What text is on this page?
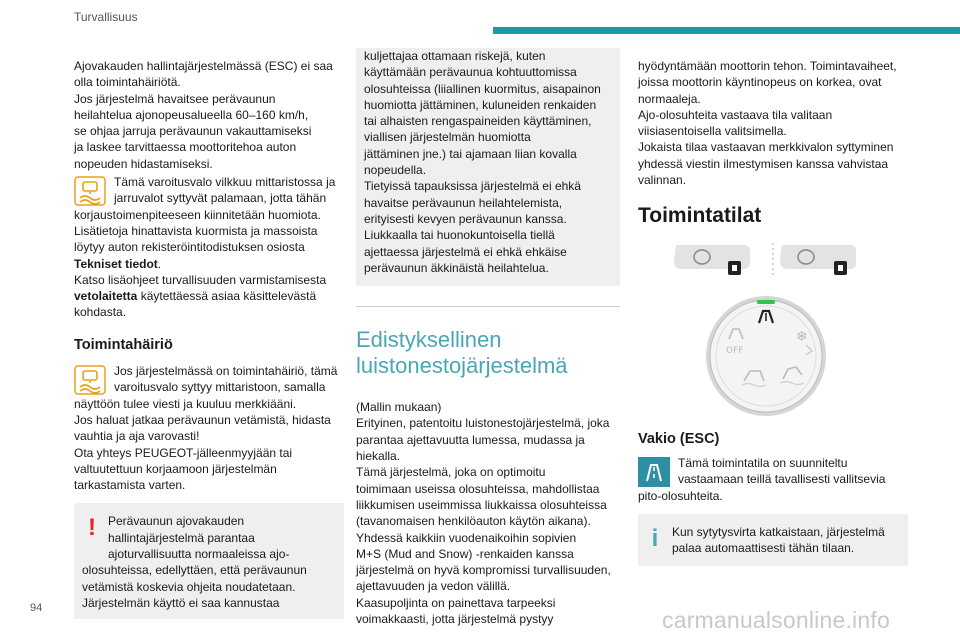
Turvallisuus
Ajovakauden hallintajärjestelmässä (ESC) ei saa
olla toimintahäiriötä.
Jos järjestelmä havaitsee perävaunun
heilahtelua ajonopeusalueella 60–160 km/h,
se ohjaa jarruja perävaunun vakauttamiseksi
ja laskee tarvittaessa moottoritehoa auton
nopeuden hidastamiseksi.
Tämä varoitusvalo vilkkuu mittaristossa ja
jarruvalot syttyvät palamaan, jotta tähän
korjaustoimenpiteeseen kiinnitetään huomiota.
Lisätietoja hinattavista kuormista ja massoista
löytyy auton rekisteröintitodistuksen osiosta
Tekniset tiedot.
Katso lisäohjeet turvallisuuden varmistamisesta
vetolaitetta käytettäessä asiaa käsittelevästä
kohdasta.
Toimintahäiriö
Jos järjestelmässä on toimintahäiriö, tämä
varoitusvalo syttyy mittaristoon, samalla
näyttöön tulee viesti ja kuuluu merkkiääni.
Jos haluat jatkaa perävaunun vetämistä, hidasta
vauhtia ja aja varovasti!
Ota yhteys PEUGEOT-jälleenmyyjään tai
valtuutettuun korjaamoon järjestelmän
tarkastamista varten.
!	Perävaunun ajovakauden
hallintajärjestelmä parantaa
ajoturvallisuutta normaaleissa ajo-
olosuhteissa, edellyttäen, että perävaunun
vetämistä koskevia ohjeita noudatetaan.
Järjestelmän käyttö ei saa kannustaa
kuljettajaa ottamaan riskejä, kuten
käyttämään perävaunua kohtuuttomissa
olosuhteissa (liiallinen kuormitus, aisapainon
huomiotta jättäminen, kuluneiden renkaiden
tai alhaisten rengaspaineiden käyttäminen,
viallisen järjestelmän huomiotta
jättäminen jne.) tai ajamaan liian kovalla
nopeudella.
Tietyissä tapauksissa järjestelmä ei ehkä
havaitse perävaunun heilahtelemista,
erityisesti kevyen perävaunun kanssa.
Liukkaalla tai huonokuntoisella tiellä
ajettaessa järjestelmä ei ehkä ehkäise
perävaunun äkkinäistä heilahtelua.
Edistyksellinen
luistonestojärjestelmä
(Mallin mukaan)
Erityinen, patentoitu luistonestojärjestelmä, joka
parantaa ajettavuutta lumessa, mudassa ja
hiekalla.
Tämä järjestelmä, joka on optimoitu
toimimaan useissa olosuhteissa, mahdollistaa
liikkumisen useimmissa liukkaissa olosuhteissa
(tavanomaisen henkilöauton käytön aikana).
Yhdessä kaikkiin vuodenaikoihin sopivien
M+S (Mud and Snow) -renkaiden kanssa
järjestelmä on hyvä kompromissi turvallisuuden,
ajettavuuden ja vedon välillä.
Kaasupoljinta on painettava tarpeeksi
voimakkaasti, jotta järjestelmä pystyy
hyödyntämään moottorin tehon. Toimintavaiheet,
joissa moottorin käyntinopeus on korkea, ovat
normaaleja.
Ajo-olosuhteita vastaava tila valitaan
viisiasentoisella valitsimella.
Jokaista tilaa vastaavan merkkivalon syttyminen
yhdessä viestin ilmestymisen kanssa vahvistaa
valinnan.
Toimintatilat
❄
OFF
Vakio (ESC)
Tämä toimintatila on suunniteltu
vastaamaan teillä tavallisesti vallitsevia
pito-olosuhteita.
i	Kun sytytysvirta katkaistaan, järjestelmä
palaa automaattisesti tähän tilaan.
94	carmanualsonline.info
